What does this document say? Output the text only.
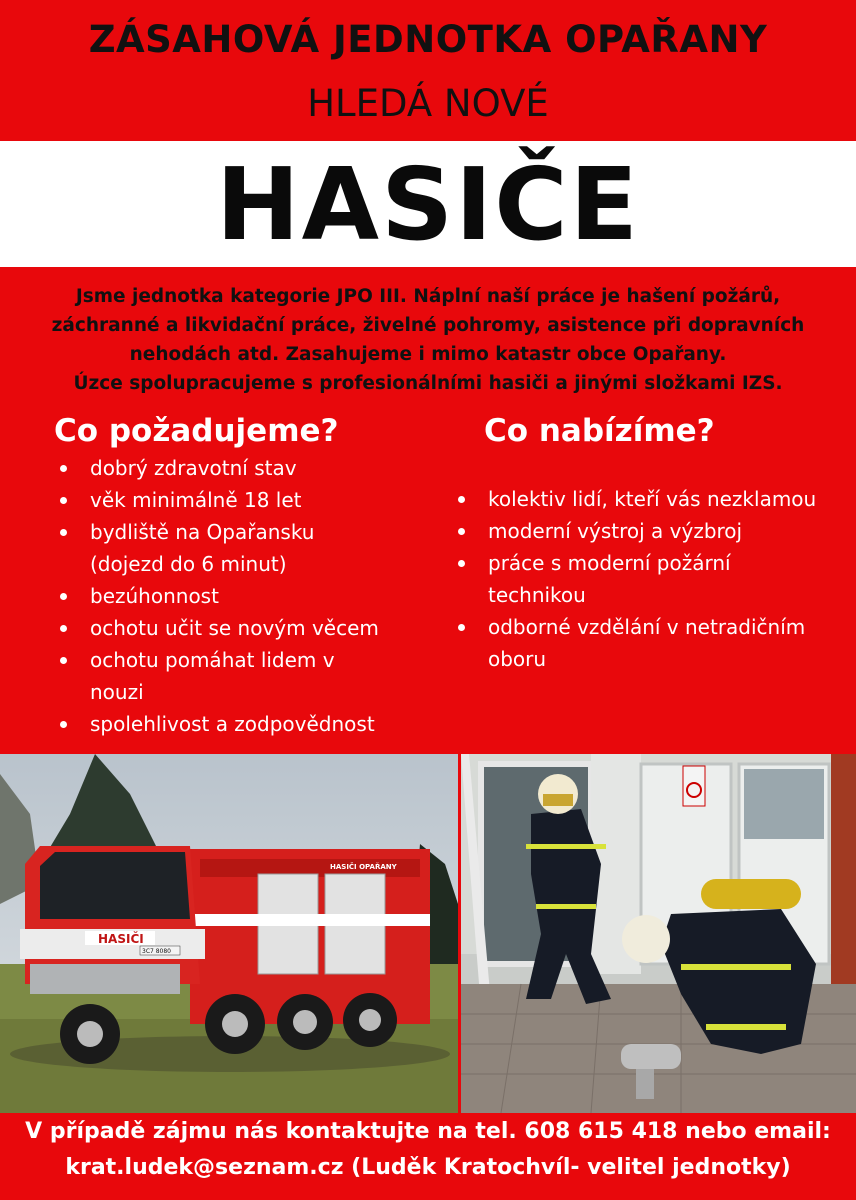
ZÁSAHOVÁ JEDNOTKA OPAŘANY
HLEDÁ NOVÉ
HASIČE
Jsme jednotka kategorie JPO III. Náplní naší práce je hašení požárů,
záchranné a likvidační práce, živelné pohromy, asistence při dopravních
nehodách atd. Zasahujeme i mimo katastr obce Opařany.
Úzce spolupracujeme s profesionálními hasiči a jinými složkami IZS.
Co požadujeme?
dobrý zdravotní stav
věk minimálně 18 let
bydliště na Opařansku (dojezd do 6 minut)
bezúhonnost
ochotu učit se novým věcem
ochotu pomáhat lidem v nouzi
spolehlivost a zodpovědnost
Co nabízíme?
kolektiv lidí, kteří vás nezklamou
moderní výstroj a výzbroj
práce s moderní požární technikou
odborné vzdělání v netradičním oboru
HASIČI OPAŘANY
HASIČI
3C7 8080
V případě zájmu nás kontaktujte na tel. 608 615 418 nebo email:
krat.ludek@seznam.cz (Luděk Kratochvíl- velitel jednotky)
